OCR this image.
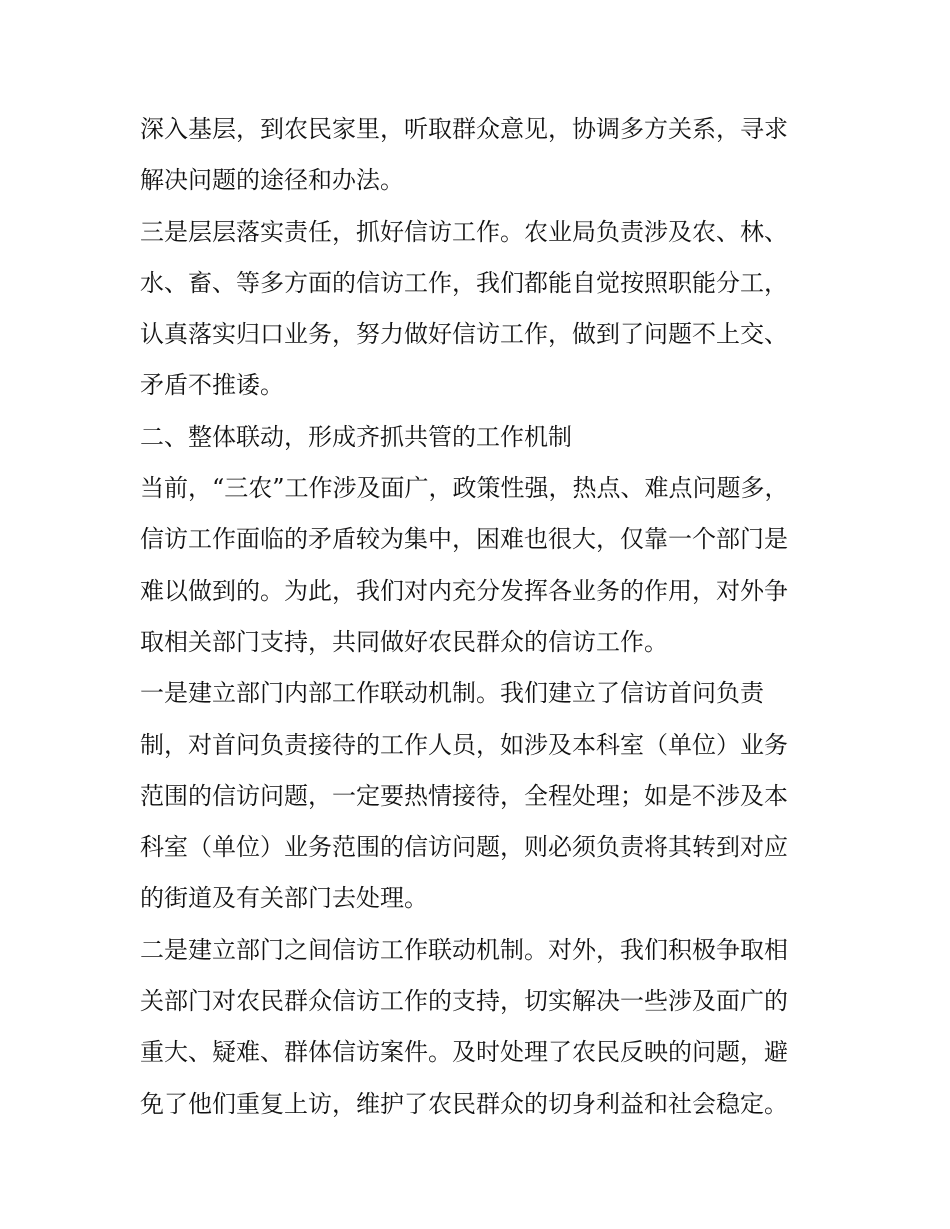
深入基层，到农民家里，听取群众意见，协调多方关系，寻求
解决问题的途径和办法。
三是层层落实责任，抓好信访工作。农业局负责涉及农、林、
水、畜、等多方面的信访工作，我们都能自觉按照职能分工，
认真落实归口业务，努力做好信访工作，做到了问题不上交、
矛盾不推诿。
二、整体联动，形成齐抓共管的工作机制
当前，“三农”工作涉及面广，政策性强，热点、难点问题多，
信访工作面临的矛盾较为集中，困难也很大，仅靠一个部门是
难以做到的。为此，我们对内充分发挥各业务的作用，对外争
取相关部门支持，共同做好农民群众的信访工作。
一是建立部门内部工作联动机制。我们建立了信访首问负责
制，对首问负责接待的工作人员，如涉及本科室（单位）业务
范围的信访问题，一定要热情接待，全程处理；如是不涉及本
科室（单位）业务范围的信访问题，则必须负责将其转到对应
的街道及有关部门去处理。
二是建立部门之间信访工作联动机制。对外，我们积极争取相
关部门对农民群众信访工作的支持，切实解决一些涉及面广的
重大、疑难、群体信访案件。及时处理了农民反映的问题，避
免了他们重复上访，维护了农民群众的切身利益和社会稳定。
